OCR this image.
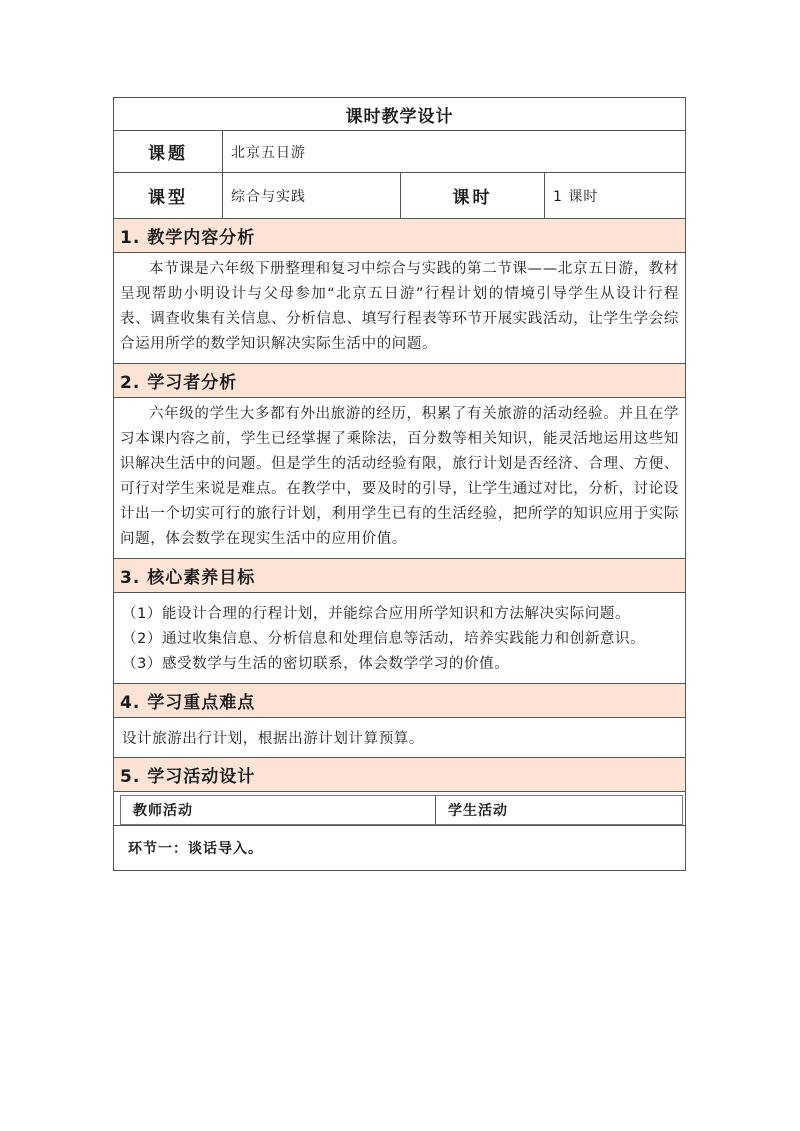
课时教学设计
课题	北京五日游
课型	综合与实践	课时	1 课时
1. 教学内容分析
本节课是六年级下册整理和复习中综合与实践的第二节课——北京五日游，教材呈现帮助小明设计与父母参加“北京五日游”行程计划的情境引导学生从设计行程表、调查收集有关信息、分析信息、填写行程表等环节开展实践活动，让学生学会综合运用所学的数学知识解决实际生活中的问题。
2. 学习者分析
六年级的学生大多都有外出旅游的经历，积累了有关旅游的活动经验。并且在学习本课内容之前，学生已经掌握了乘除法，百分数等相关知识，能灵活地运用这些知识解决生活中的问题。但是学生的活动经验有限，旅行计划是否经济、合理、方便、可行对学生来说是难点。在教学中，要及时的引导，让学生通过对比，分析，讨论设计出一个切实可行的旅行计划，利用学生已有的生活经验，把所学的知识应用于实际问题，体会数学在现实生活中的应用价值。
3. 核心素养目标

（1）能设计合理的行程计划，并能综合应用所学知识和方法解决实际问题。

（2）通过收集信息、分析信息和处理信息等活动，培养实践能力和创新意识。

（3）感受数学与生活的密切联系，体会数学学习的价值。

4. 学习重点难点
设计旅游出行计划，根据出游计划计算预算。
5. 学习活动设计
教师活动	学生活动
环节一：谈话导入。
